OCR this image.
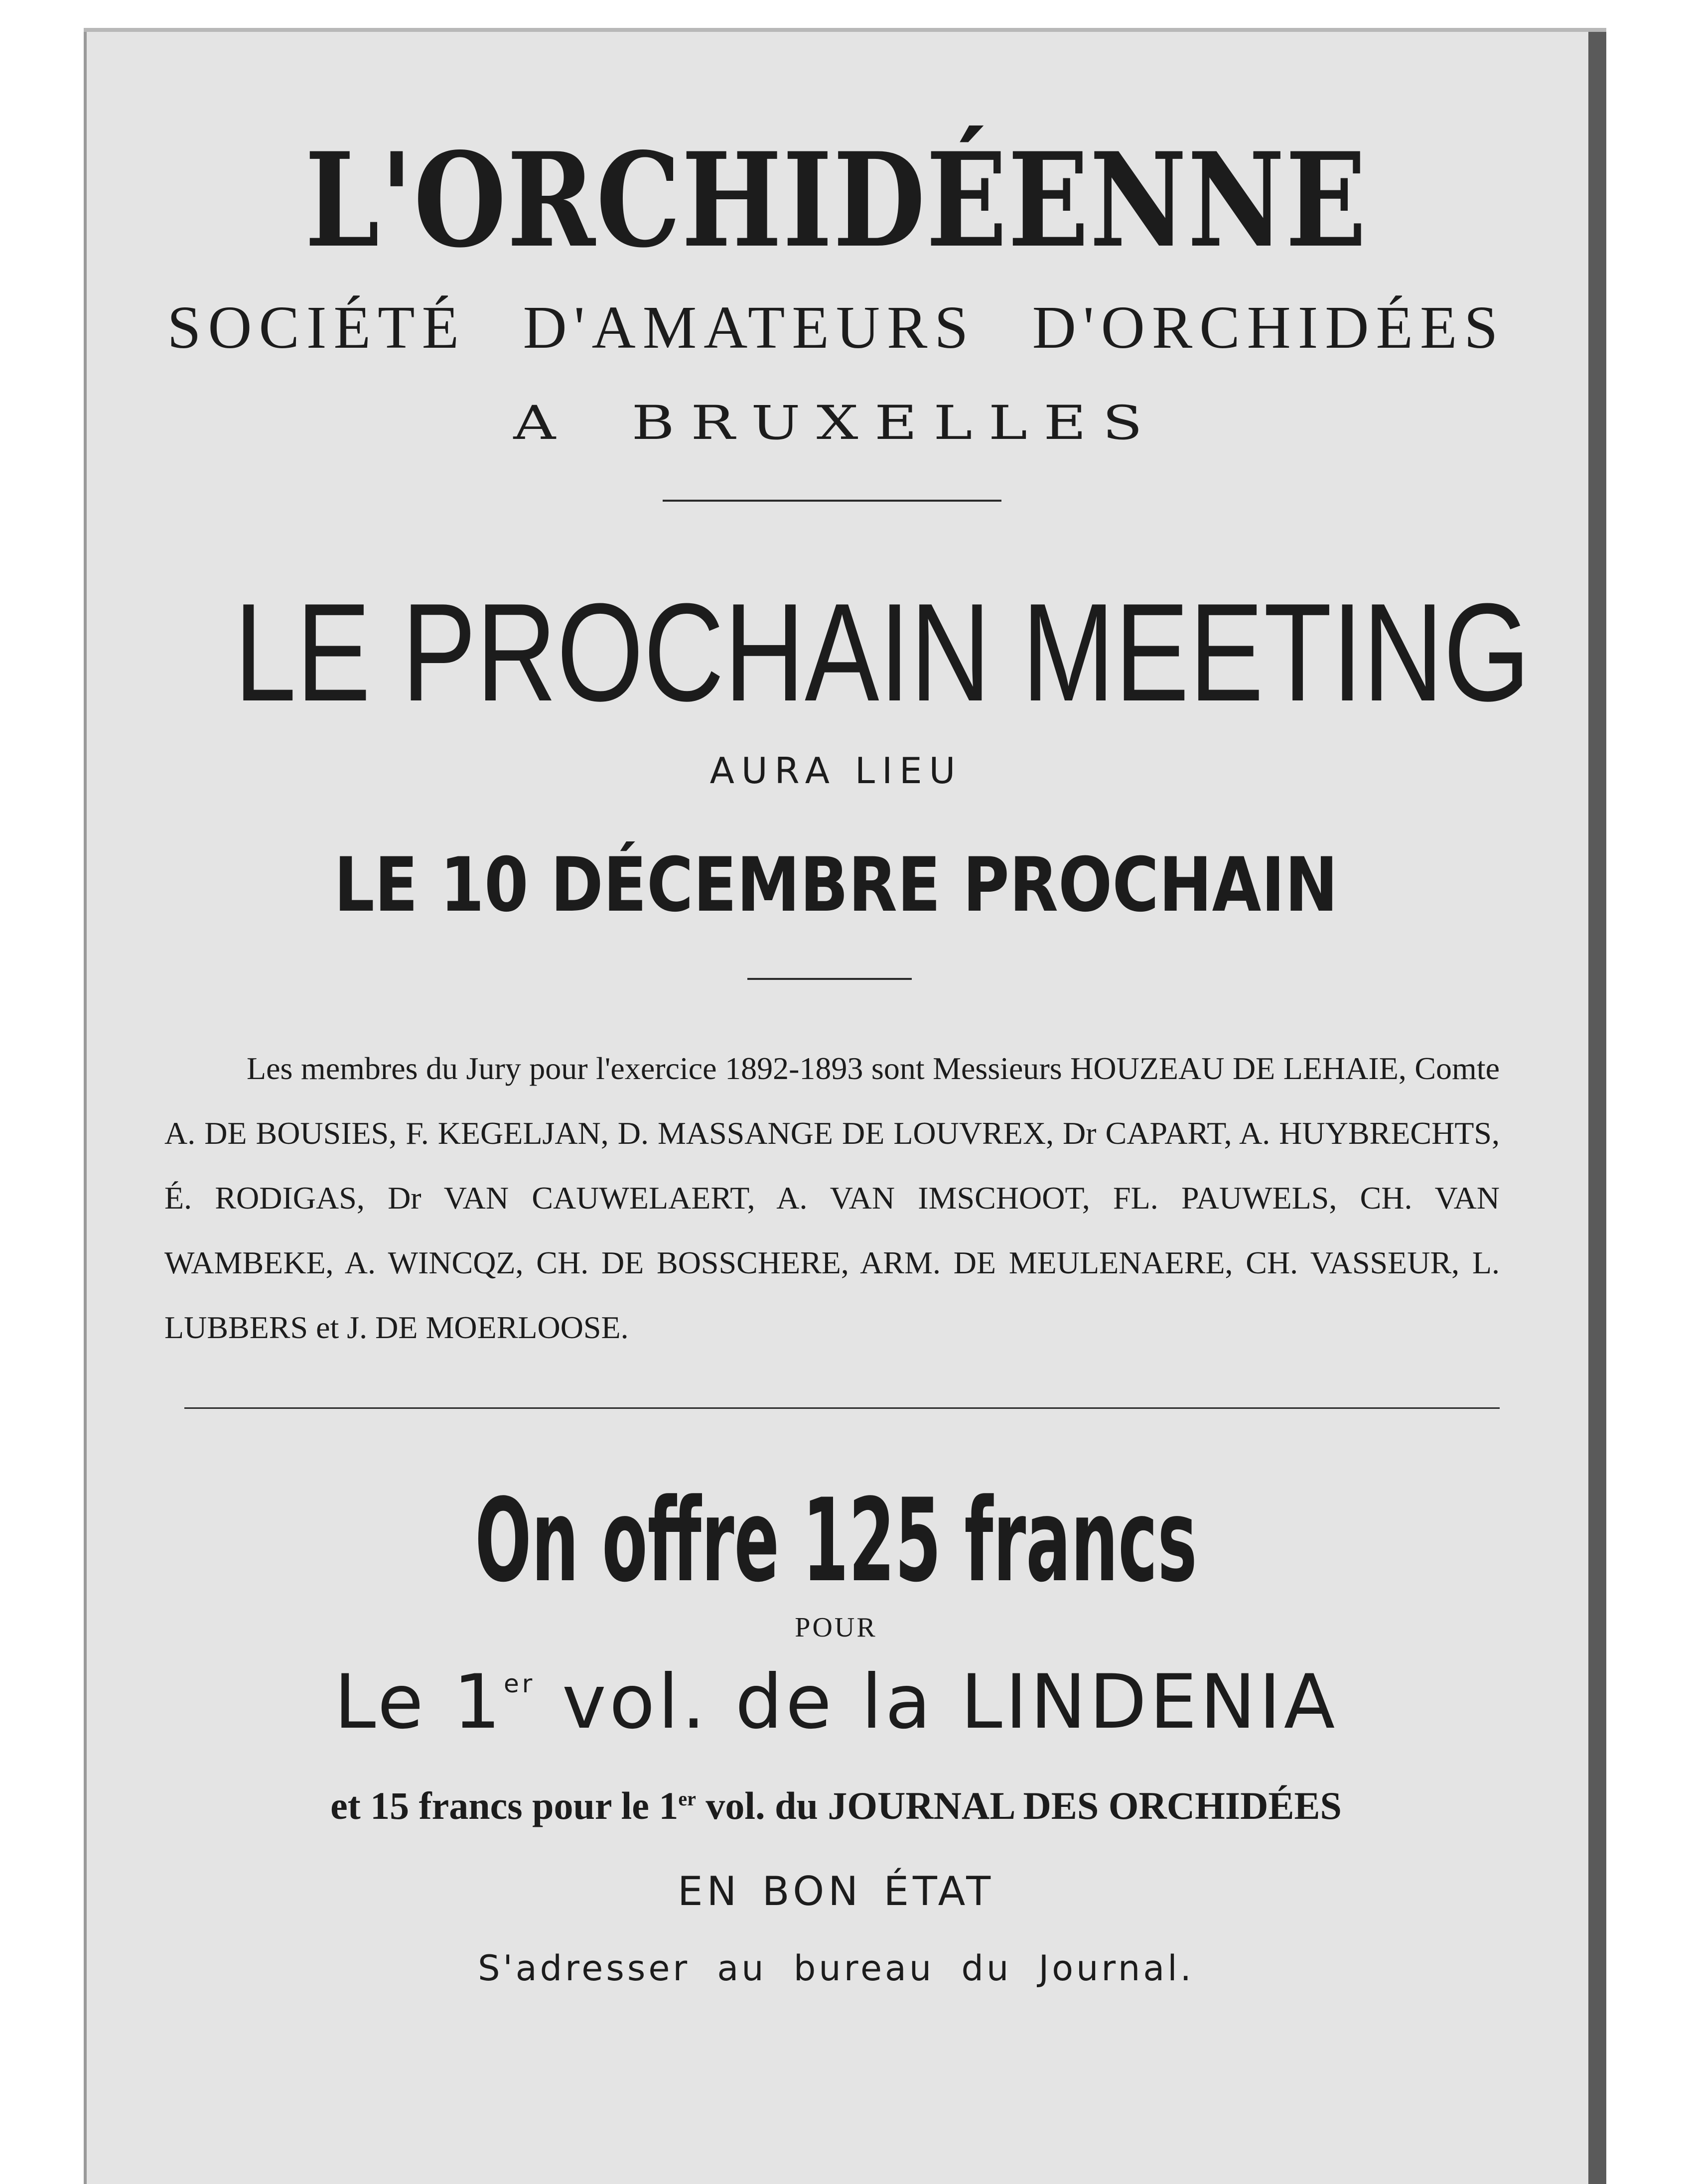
L'ORCHIDÉENNE
SOCIÉTÉ D'AMATEURS D'ORCHIDÉES
A BRUXELLES
LE PROCHAIN MEETING
AURA LIEU
LE 10 DÉCEMBRE PROCHAIN
Les membres du Jury pour l'exercice 1892-1893 sont Messieurs HOUZEAU DE LEHAIE, Comte A. DE BOUSIES, F. KEGELJAN, D. MASSANGE DE LOUVREX, Dr CAPART, A. HUYBRECHTS, É. RODIGAS, Dr VAN CAUWELAERT, A. VAN IMSCHOOT, FL. PAUWELS, CH. VAN WAMBEKE, A. WINCQZ, CH. DE BOSSCHERE, ARM. DE MEULENAERE, CH. VASSEUR, L. LUBBERS et J. DE MOERLOOSE.
On offre 125 francs
POUR
Le 1er vol. de la LINDENIA
et 15 francs pour le 1er vol. du JOURNAL DES ORCHIDÉES
EN BON ÉTAT
S'adresser au bureau du Journal.
